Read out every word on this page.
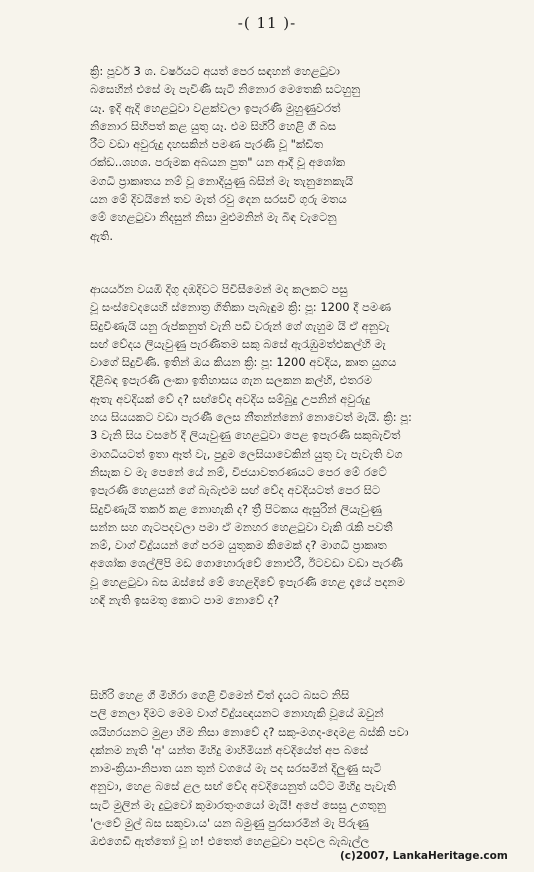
-( 11 )-
ක්‍රි: පූර්ව 3 ශ. වර්ෂයට අයත් පෙර සඳහන් හෙළටුවා
බසෙහින් එසේ මැ පැවිණි සැටි නිනොර මෙතෙකි සටහුනු
යෑ. ඉදි ඇදි හෙළටුවා වළක්වලා ඉපැරණි මුහුණුවරත්
නිනොර සිහිපත් කළ යුතු යෑ. එම සිහිරි හෙළි ගී බස
රීට වඩා අවුරුදු දහසකින් පමණ පැරණි වූ "ක්ඩිත
රක්ඩ..ශහශ. පරුමක අබයන පුත" යන ආදී වූ අශෝක
මගධි ප්‍රාකෘතය නම් වූ නොදියුණු බසින් මැ තැනුනෙකැයි
යන මේ දිවයිනේ තව මැත් රවු දෙන සරසවි ගුරු මතය
මේ හෙළටුවා නිදසුන් නිසා මුළුමනින් මැ බිඳ වැටෙනු
ඇති.
ආයර්යන වයඹි දිගු දඹදිවට පිවිසීමෙන් මද කලකට පසු
වූ සංස්වෙදයෙහි ස්නොත්‍ර ගිතිකා පැබැඳුම ක්‍රි: පූ: 1200 දී පමණ
සිදුවිණැයි යනු රුප්කනුත් වැනි පඩි වරුන් ගේ ගැහුම යි ඒ අනුවැ
සඟ් වේදය ලියැවුණු පැරණිතම සකු බසේ ඇරැඹුමත්‍එකල්හි මැ
වාගේ සිදුවිණි. ඉතින් ඔය කියන ක්‍රි: පූ: 1200 අවදිය, කෘත යුගය
දිළිබඳ ඉපැරණි ලංකා ඉතිහාසය ගැන සලකන කල්හි, එතරම
ඈතැ අවදියක් වේ ද? සඟ්වේද අවදිය සම්බුදු උපනින් අවුරුදු
හය සියයකට වඩා පැරණී ලෙස නීතන්න්නෝ නොවෙත් මැයි. ක්‍රි: පූ:
3 වැනි සිය වසරේ දී ලියැවුණු හෙළටුවා පෙළ ඉපැරණි සකුබැවිත්
මාගධියටත් ඉතා ඈත් වැ, පුදුම ලෙසියාවෙකින් යුතු වැ පැවැති වග
නිසැක ව මැ පෙනේ යේ නම්, විජයාවතරණයට පෙර මේ රටේ
ඉපැරණි හෙළයන් ගේ බැබැළුම සඟ් වේද අවදියටත් පෙර සිට
සිදුවිණැයි තර්ක කළ නොහැකි ද? ත්‍රී පිටකය ඇසුරින් ලියැවුණු
සන්න සහ ගැටපදවලා පමා ඒ මනහර හෙළටුවා වැකි රැකි පවතී
නම්, වාග් විදු්‍යයන් ගේ පරම යුතුකම කිමෙක් ද? මාගධි ප්‍රාකෘත
අශෝක ශෙල්ලිපි මඩ ගොහොරුවේ නොඑරී, ඊටවඩා වඩා පැරණී
වූ හෙළටුවා බස ඔස්සේ මේ හෙළදිවේ ඉපැරණි හෙළ දෑයේ පදනම
හඳි නැති ඉසමතු කොට පාම නොවේ ද?
සිහිරි හෙළ ගී මිහිරා ගෙළි විමෙන් චිත් දැයට බසට නිසි
පලි නෙලා දිමට මෙම වාග් විදු්‍යඥයනට නොහැකි වූයේ ඔවුන්
ශයිහරයනට මුළා හිම නිසා නොවේ ද? සකු-මගද-දෙමළ බස්කි පවා
දක්නම නැති 'අ' යන්ත මිහිදු මාහිමියන් අවදියේත් අප බසේ
නාම-ක්‍රියා-නිපාත යන තුන් වගයේ මැ පද සරසමින් දිලුණු සැටි
අනුවා, හෙළ බසේ ළල සඟ් වේද අවදියෙනුත් යට්ට මිහිදු පැවැති
සැටි මුලින් මැ දුටුවෝ කුමාරතුංගයෝ මැයි! අපේ සෙසු උගතුනු
'ලංවේ මුල් බස සකුවා.ය' යන බමුණු පුරසාරමින් මැ පිරුණු
ඔළුගෙඩි ඇත්තෝ වූ හ! එතෙත් හෙළටුවා පදවල බැබැල්ල
(c)2007, LankaHeritage.com
